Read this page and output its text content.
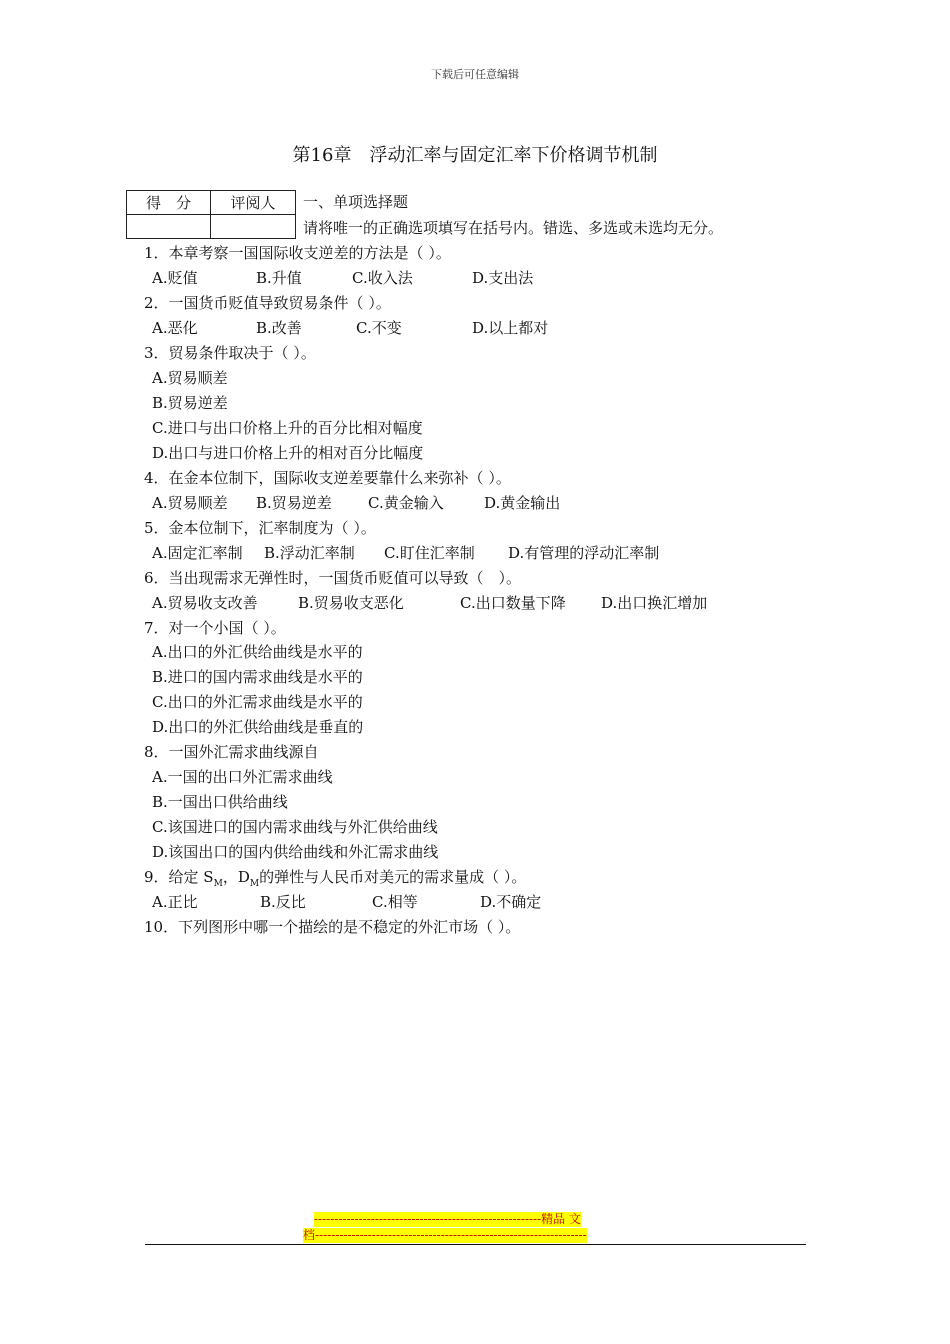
下载后可任意编辑
第16章　浮动汇率与固定汇率下价格调节机制
得　分	评阅人
	一、单项选择题
请将唯一的正确选项填写在括号内。错选、多选或未选均无分。
1．本章考察一国国际收支逆差的方法是（ ）。
A.贬值	B.升值	C.收入法	D.支出法
2．一国货币贬值导致贸易条件（ ）。
A.恶化	B.改善	C.不变	D.以上都对
3．贸易条件取决于（ ）。
A.贸易顺差
B.贸易逆差
C.进口与出口价格上升的百分比相对幅度
D.出口与进口价格上升的相对百分比幅度
4．在金本位制下，国际收支逆差要靠什么来弥补（ ）。
A.贸易顺差 B.贸易逆差 C.黄金输入	D.黄金输出
5．金本位制下，汇率制度为（ ）。
A.固定汇率制 B.浮动汇率制 C.盯住汇率制 D.有管理的浮动汇率制
6．当出现需求无弹性时，一国货币贬值可以导致（　）。
A.贸易收支改善	B.贸易收支恶化	C.出口数量下降 D.出口换汇增加
7．对一个小国（ ）。
A.出口的外汇供给曲线是水平的
B.进口的国内需求曲线是水平的
C.出口的外汇需求曲线是水平的
D.出口的外汇供给曲线是垂直的
8．一国外汇需求曲线源自
A.一国的出口外汇需求曲线
B.一国出口供给曲线
C.该国进口的国内需求曲线与外汇供给曲线
D.该国出口的国内供给曲线和外汇需求曲线
9．给定 $S_M$，$D_M$的弹性与人民币对美元的需求量成（ ）。
A.正比	B.反比	C.相等	D.不确定
10．下列图形中哪一个描绘的是不稳定的外汇市场（ ）。
--------------------------------------------------------精品 文
档-------------------------------------------------------------------
